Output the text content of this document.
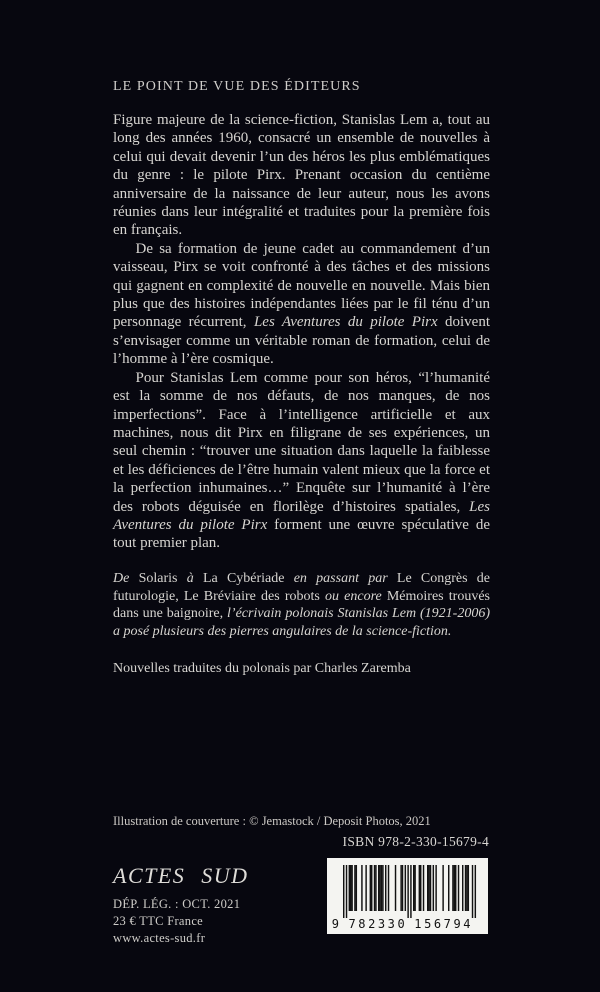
LE POINT DE VUE DES ÉDITEURS

Figure majeure de la science-fiction, Stanislas Lem a, tout au long des années 1960, consacré un ensemble de nouvelles à celui qui devait devenir l’un des héros les plus emblématiques du genre : le pilote Pirx. Prenant occasion du centième anniversaire de la naissance de leur auteur, nous les avons réunies dans leur intégralité et traduites pour la première fois en français.

De sa formation de jeune cadet au commandement d’un vaisseau, Pirx se voit confronté à des tâches et des missions qui gagnent en complexité de nouvelle en nouvelle. Mais bien plus que des histoires indépendantes liées par le fil ténu d’un personnage récurrent, Les Aventures du pilote Pirx doivent s’envisager comme un véritable roman de formation, celui de l’homme à l’ère cosmique.

Pour Stanislas Lem comme pour son héros, “l’humanité est la somme de nos défauts, de nos manques, de nos imperfections”. Face à l’intelligence artificielle et aux machines, nous dit Pirx en filigrane de ses expériences, un seul chemin : “trouver une situation dans laquelle la faiblesse et les déficiences de l’être humain valent mieux que la force et la perfection inhumaines…” Enquête sur l’humanité à l’ère des robots déguisée en florilège d’histoires spatiales, Les Aventures du pilote Pirx forment une œuvre spéculative de tout premier plan.

De Solaris à La Cybériade en passant par Le Congrès de futurologie, Le Bréviaire des robots ou encore Mémoires trouvés dans une baignoire, l’écrivain polonais Stanislas Lem (1921-2006) a posé plusieurs des pierres angulaires de la science-fiction.
Nouvelles traduites du polonais par Charles Zaremba
Illustration de couverture : © Jemastock / Deposit Photos, 2021
ISBN 978-2-330-15679-4
9 7 8 2 3 3 0 1 5 6 7 9 4

ACTES SUD

DÉP. LÉG. : OCT. 2021

23 € TTC France

www.actes-sud.fr
